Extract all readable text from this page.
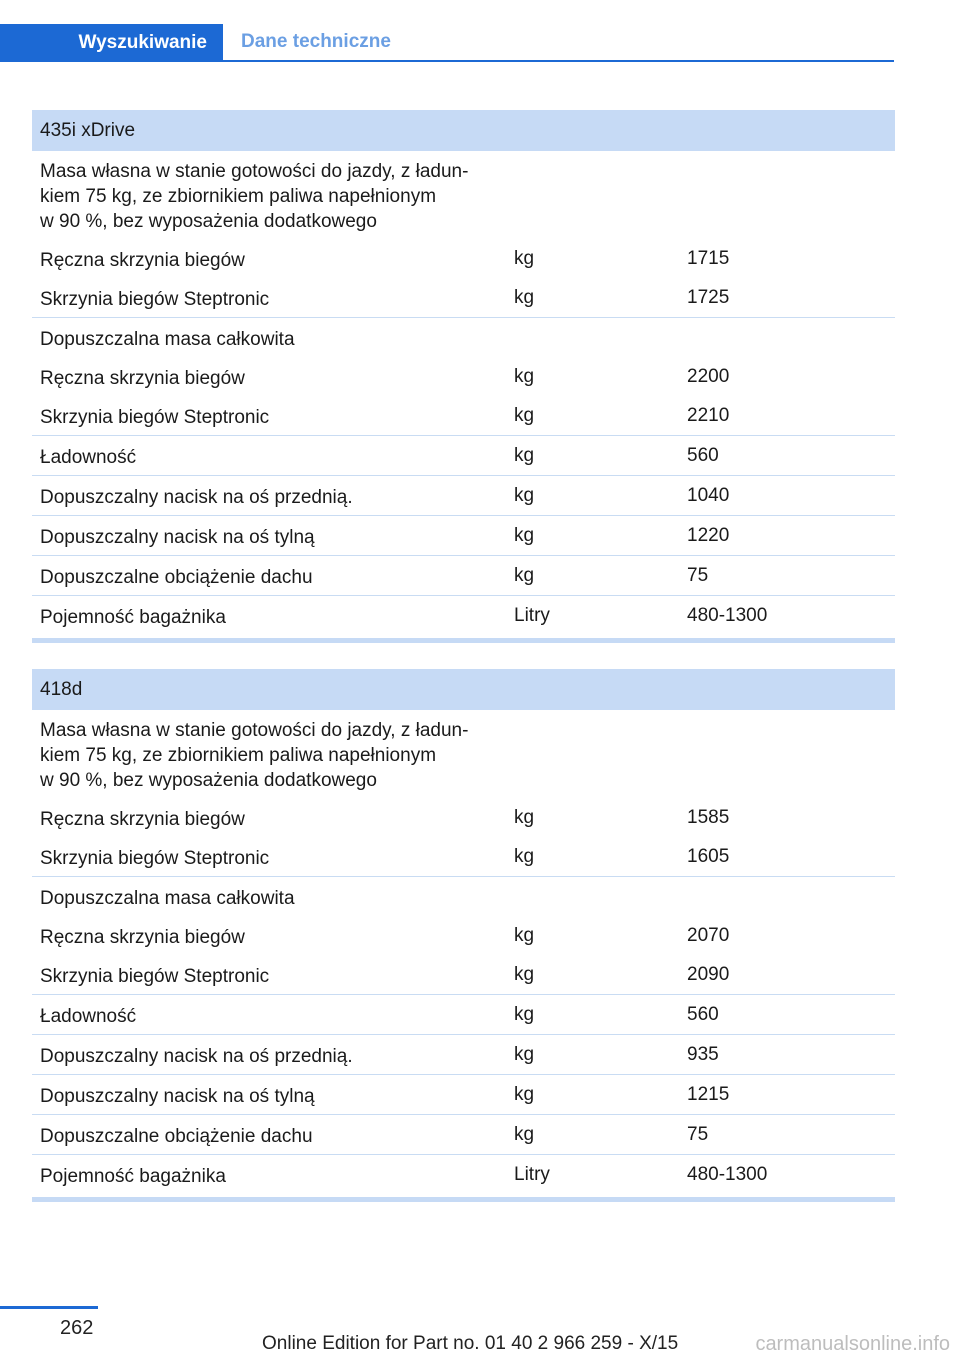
Wyszukiwanie	Dane techniczne
435i xDrive
Masa własna w stanie gotowości do jazdy, z ładun-
kiem 75 kg, ze zbiornikiem paliwa napełnionym
w 90 %, bez wyposażenia dodatkowego
Ręczna skrzynia biegów	kg	1715
Skrzynia biegów Steptronic	kg	1725
Dopuszczalna masa całkowita
Ręczna skrzynia biegów	kg	2200
Skrzynia biegów Steptronic	kg	2210
Ładowność	kg	560
Dopuszczalny nacisk na oś przednią.	kg	1040
Dopuszczalny nacisk na oś tylną	kg	1220
Dopuszczalne obciążenie dachu	kg	75
Pojemność bagażnika	Litry	480‐1300
418d
Masa własna w stanie gotowości do jazdy, z ładun-
kiem 75 kg, ze zbiornikiem paliwa napełnionym
w 90 %, bez wyposażenia dodatkowego
Ręczna skrzynia biegów	kg	1585
Skrzynia biegów Steptronic	kg	1605
Dopuszczalna masa całkowita
Ręczna skrzynia biegów	kg	2070
Skrzynia biegów Steptronic	kg	2090
Ładowność	kg	560
Dopuszczalny nacisk na oś przednią.	kg	935
Dopuszczalny nacisk na oś tylną	kg	1215
Dopuszczalne obciążenie dachu	kg	75
Pojemność bagażnika	Litry	480‐1300
262
Online Edition for Part no. 01 40 2 966 259 - X/15	carmanualsonline.info
